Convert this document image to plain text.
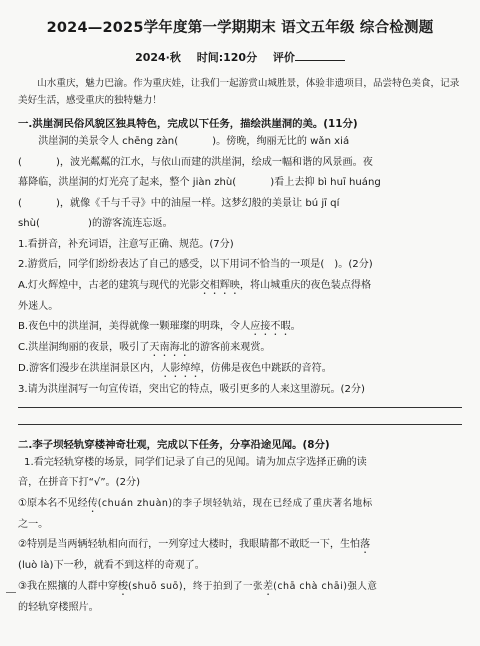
2024—2025学年度第一学期期末 语文五年级 综合检测题
2024·秋 时间:120分 评价
山水重庆，魅力巴渝。作为重庆娃，让我们一起游赏山城胜景，体验非遗项目，品尝特色美食，记录美好生活，感受重庆的独特魅力！
一.洪崖洞民俗风貌区独具特色，完成以下任务，描绘洪崖洞的美。(11分)
洪崖洞的美景令人 chēng zàn(	)。傍晚，绚丽无比的 wǎn xiá
(	)，波光粼粼的江水，与依山而建的洪崖洞，绘成一幅和谐的风景画。夜
幕降临，洪崖洞的灯光亮了起来，整个 jiàn zhù(	)看上去抑 bì huī huáng
(	)，就像《千与千寻》中的油屋一样。这梦幻般的美景让 bú jī qí
shù(	)的游客流连忘返。
1.看拼音，补充词语，注意写正确、规范。(7分)
2.游赏后，同学们纷纷表达了自己的感受，以下用词不恰当的一项是( )。(2分)
A.灯火辉煌中，古老的建筑与现代的光影交相辉映，将山城重庆的夜色装点得格
外迷人。
B.夜色中的洪崖洞，美得就像一颗璀璨的明珠，令人应接不暇。
C.洪崖洞绚丽的夜景，吸引了天南海北的游客前来观赏。
D.游客们漫步在洪崖洞景区内，人影绰绰，仿佛是夜色中跳跃的音符。
3.请为洪崖洞写一句宣传语，突出它的特点，吸引更多的人来这里游玩。(2分)
二.李子坝轻轨穿楼神奇壮观，完成以下任务，分享沿途见闻。(8分)
1.看完轻轨穿楼的场景，同学们记录了自己的见闻。请为加点字选择正确的读
音，在拼音下打“√”。(2分)
①原本名不见经传(chuán zhuàn)的李子坝轻轨站，现在已经成了重庆著名地标
之一。
②特别是当两辆轻轨相向而行，一列穿过大楼时，我眼睛都不敢眨一下，生怕落
(luò là)下一秒，就看不到这样的奇观了。
③我在熙攘的人群中穿梭(shuō suō)，终于拍到了一张差(chā chà chāi)强人意
的轻轨穿楼照片。
